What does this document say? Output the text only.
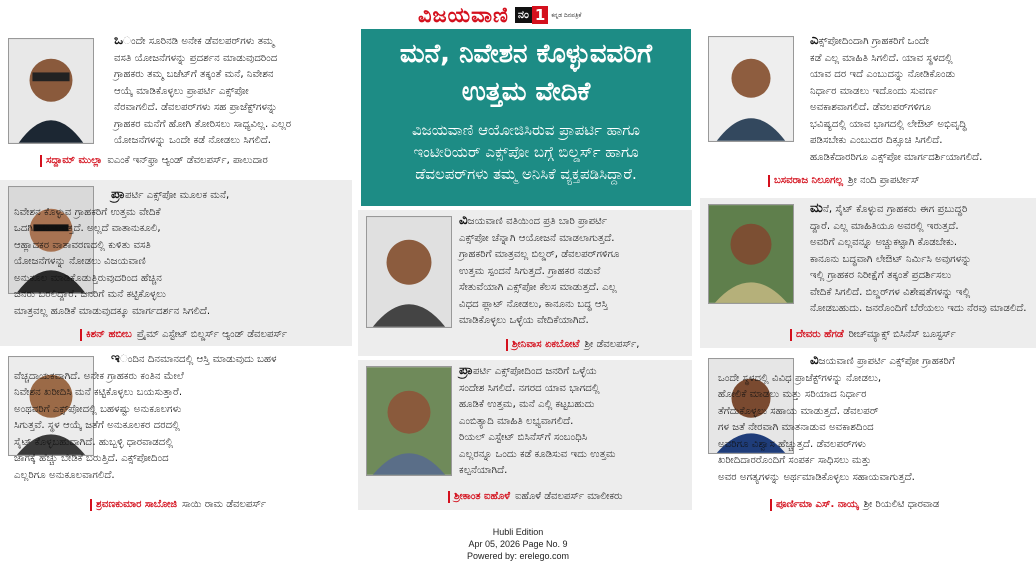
ವಿಜಯವಾಣಿ ನಂ 1	ಕನ್ನಡ ದಿನಪತ್ರಿಕೆ
ಮನೆ, ನಿವೇಶನ ಕೊಳ್ಳುವವರಿಗೆ
ಉತ್ತಮ ವೇದಿಕೆ
ವಿಜಯವಾಣಿ ಆಯೋಜಿಸಿರುವ ಪ್ರಾಪರ್ಟಿ ಹಾಗೂ
ಇಂಟೀರಿಯರ್ ಎಕ್ಸ್‌ಪೋ ಬಗ್ಗೆ ಬಿಲ್ಡರ್ಸ್ ಹಾಗೂ
ಡೆವಲಪರ್‌ಗಳು ತಮ್ಮ ಅನಿಸಿಕೆ ವ್ಯಕ್ತಪಡಿಸಿದ್ದಾರೆ.
ಒಂದೇ ಸೂರಿನಡಿ ಅನೇಕ ಡೆವಲಪರ್‌ಗಳು ತಮ್ಮ
ವಸತಿ ಯೋಜನೆಗಳನ್ನು ಪ್ರದರ್ಶನ ಮಾಡುವುದರಿಂದ
ಗ್ರಾಹಕರು ತಮ್ಮ ಬಜೆಟ್‌ಗೆ ತಕ್ಕಂತೆ ಮನೆ, ನಿವೇಶನ
ಆಯ್ಕೆ ಮಾಡಿಕೊಳ್ಳಲು ಪ್ರಾಪರ್ಟಿ ಎಕ್ಸ್‌ಪೋ
ನೆರವಾಗಲಿದೆ. ಡೆವಲಪರ್‌ಗಳು ಸಹ ಪ್ರಾಜೆಕ್ಟ್‌ಗಳನ್ನು
ಗ್ರಾಹಕರ ಮನೆಗೆ ಹೋಗಿ ತೋರಿಸಲು ಸಾಧ್ಯವಿಲ್ಲ. ಎಲ್ಲರ
ಯೋಜನೆಗಳನ್ನು ಒಂದೇ ಕಡೆ ನೋಡಲು ಸಿಗಲಿದೆ.
ಸದ್ದಾಮ್ ಮುಲ್ಲಾ ಐಎಂಕೆ ಇನ್‌ಫ್ರಾ ಆ್ಯಂಡ್ ಡೆವಲಪರ್ಸ್, ಪಾಲುದಾರ
ಪ್ರಾಪರ್ಟಿ ಎಕ್ಸ್‌ಪೋ ಮೂಲಕ ಮನೆ,
ನಿವೇಶನ ಕೊಳ್ಳುವ ಗ್ರಾಹಕರಿಗೆ ಉತ್ತಮ ವೇದಿಕೆ
ಒದಗಿಸಿದಂತಾಗುತ್ತದೆ. ಅಲ್ಲದೆ ವಾತಾನುಕೂಲಿ,
ಆಹ್ಲಾದಕರ ವಾತಾವರಣದಲ್ಲಿ ಕುಳಿತು ವಸತಿ
ಯೋಜನೆಗಳನ್ನು ನೋಡಲು ವಿಜಯವಾಣಿ
ಅನುಕೂಲ ಮಾಡಿಕೊಡುತ್ತಿರುವುದರಿಂದ ಹೆಚ್ಚಿನ
ಜನರು ಬರಲಿದ್ದಾರೆ. ಜನರಿಗೆ ಮನೆ ಕಟ್ಟಿಕೊಳ್ಳಲು
ಮಾತ್ರವಲ್ಲ ಹೂಡಿಕೆ ಮಾಡುವುದಕ್ಕೂ ಮಾರ್ಗದರ್ಶನ ಸಿಗಲಿದೆ.
ಕಿಶನ್ ಹಬೀಬ ಪ್ರೈಮ್ ಎಸ್ಟೇಟ್ ಬಿಲ್ಡರ್ಸ್ ಆ್ಯಂಡ್ ಡೆವಲಪರ್ಸ್
ಇಂದಿನ ದಿನಮಾನದಲ್ಲಿ ಆಸ್ತಿ ಮಾಡುವುದು ಬಹಳ
ವೆಚ್ಚದಾಯಕವಾಗಿದೆ. ಅನೇಕ ಗ್ರಾಹಕರು ಕಂತಿನ ಮೇಲೆ
ನಿವೇಶನ ಖರೀದಿಸಿ ಮನೆ ಕಟ್ಟಿಕೊಳ್ಳಲು ಬಯಸುತ್ತಾರೆ.
ಅಂಥವರಿಗೆ ಎಕ್ಸ್‌ಪೋದಲ್ಲಿ ಬಹಳಷ್ಟು ಅನುಕೂಲಗಳು
ಸಿಗುತ್ತವೆ. ಸ್ಥಳ ಆಯ್ಕೆ ಜತೆಗೆ ಅನುಕೂಲಕರ ದರದಲ್ಲಿ
ಸೈಟ್ ಕೊಳ್ಳಬಹುದಾಗಿದೆ. ಹುಬ್ಬಳ್ಳಿ ಧಾರವಾಡದಲ್ಲಿ
ಜಾಗಕ್ಕೆ ಹೆಚ್ಚು ಬೇಡಿಕೆ ಬರುತ್ತಿದೆ. ಎಕ್ಸ್‌ಪೋದಿಂದ
ಎಲ್ಲರಿಗೂ ಅನುಕೂಲವಾಗಲಿದೆ.
ಶ್ರವಣಕುಮಾರ ಸಾಬೋಜಿ ಸಾಯಿ ರಾಮ ಡೆವಲಪರ್ಸ್
ವಿಜಯವಾಣಿ ವತಿಯಿಂದ ಪ್ರತಿ ಬಾರಿ ಪ್ರಾಪರ್ಟಿ
ಎಕ್ಸ್‌ಪೋ ಚೆನ್ನಾಗಿ ಆಯೋಜನೆ ಮಾಡಲಾಗುತ್ತದೆ.
ಗ್ರಾಹಕರಿಗೆ ಮಾತ್ರವಲ್ಲ ಬಿಲ್ಡರ್, ಡೆವಲಪರ್‌ಗಳಿಗೂ
ಉತ್ತಮ ಸ್ಪಂದನೆ ಸಿಗುತ್ತದೆ. ಗ್ರಾಹಕರ ನಡುವೆ
ಸೇತುವೆಯಾಗಿ ಎಕ್ಸ್‌ಪೋ ಕೆಲಸ ಮಾಡುತ್ತದೆ. ಎಲ್ಲ
ವಿಧದ ಪ್ಲಾಟ್ ನೋಡಲು, ಕಾನೂನು ಬದ್ಧ ಆಸ್ತಿ
ಮಾಡಿಕೊಳ್ಳಲು ಒಳ್ಳೆಯ ವೇದಿಕೆಯಾಗಿದೆ.
ಶ್ರೀನಿವಾಸ ಏಕಬೋಟೆ ಶ್ರೀ ಡೆವಲಪರ್ಸ್,
ಪ್ರಾಪರ್ಟಿ ಎಕ್ಸ್‌ಪೋದಿಂದ ಜನರಿಗೆ ಒಳ್ಳೆಯ
ಸಂದೇಶ ಸಿಗಲಿದೆ. ನಗರದ ಯಾವ ಭಾಗದಲ್ಲಿ
ಹೂಡಿಕೆ ಉತ್ತಮ, ಮನೆ ಎಲ್ಲಿ ಕಟ್ಟಬಹುದು
ಎಂಬಿತ್ಯಾದಿ ಮಾಹಿತಿ ಲಭ್ಯವಾಗಲಿದೆ.
ರಿಯಲ್ ಎಸ್ಟೇಟ್ ಬಿಸಿನೆಸ್‌ಗೆ ಸಂಬಂಧಿಸಿ
ಎಲ್ಲರನ್ನೂ ಒಂದು ಕಡೆ ಕೂಡಿಸುವ ಇದು ಉತ್ತಮ
ಕಲ್ಪನೆಯಾಗಿದೆ.
ಶ್ರೀಕಾಂತ ಐಹೊಳೆ ಐಹೊಳೆ ಡೆವಲಪರ್ಸ್ ಮಾಲೀಕರು
ಎಕ್ಸ್‌ಪೋದಿಂದಾಗಿ ಗ್ರಾಹಕರಿಗೆ ಒಂದೇ
ಕಡೆ ಎಲ್ಲ ಮಾಹಿತಿ ಸಿಗಲಿದೆ. ಯಾವ ಸ್ಥಳದಲ್ಲಿ
ಯಾವ ದರ ಇದೆ ಎಂಬುದನ್ನು ನೋಡಿಕೊಂಡು
ನಿರ್ಧಾರ ಮಾಡಲು ಇದೊಂದು ಸುವರ್ಣ
ಅವಕಾಶವಾಗಲಿದೆ. ಡೆವಲಪರ್‌ಗಳಿಗೂ
ಭವಿಷ್ಯದಲ್ಲಿ ಯಾವ ಭಾಗದಲ್ಲಿ ಲೇಔಟ್ ಅಭಿವೃದ್ಧಿ
ಪಡಿಸಬೇಕು ಎಂಬುದರ ದಿಕ್ಸೂಚಿ ಸಿಗಲಿದೆ.
ಹೂಡಿಕೆದಾರರಿಗೂ ಎಕ್ಸ್‌ಪೋ ಮಾರ್ಗದರ್ಶಿಯಾಗಲಿದೆ.
ಬಸವರಾಜ ನಿಲೂಗಲ್ಲ ಶ್ರೀ ನಂದಿ ಪ್ರಾಪರ್ಟೀಸ್
ಮನೆ, ಸೈಟ್ ಕೊಳ್ಳುವ ಗ್ರಾಹಕರು ಈಗ ಪ್ರಬುದ್ಧರಿ
ದ್ದಾರೆ. ಎಲ್ಲ ಮಾಹಿತಿಯೂ ಅವರಲ್ಲಿ ಇರುತ್ತದೆ.
ಅವರಿಗೆ ಎಲ್ಲವನ್ನೂ ಅಚ್ಚುಕಟ್ಟಾಗಿ ಕೊಡಬೇಕು.
ಕಾನೂನು ಬದ್ಧವಾಗಿ ಲೇಔಟ್ ನಿರ್ಮಿಸಿ ಅವುಗಳನ್ನು
ಇಲ್ಲಿ ಗ್ರಾಹಕರ ನಿರೀಕ್ಷೆಗೆ ತಕ್ಕಂತೆ ಪ್ರದರ್ಶಿಸಲು
ವೇದಿಕೆ ಸಿಗಲಿದೆ. ಬಿಲ್ಡರ್‌ಗಳ ವಿಶೇಷತೆಗಳನ್ನು ಇಲ್ಲಿ
ನೋಡಬಹುದು. ಜನರೊಂದಿಗೆ ಬೆರೆಯಲು ಇದು ನೆರವು ಮಾಡಲಿದೆ.
ದೇವರು ಹೆಗಡೆ ರೀಚ್‌ಮ್ಯಾಕ್ಸ್ ಬಿಸಿನೆಸ್ ಬೂಸ್ಟರ್ಸ್
ವಿಜಯವಾಣಿ ಪ್ರಾಪರ್ಟಿ ಎಕ್ಸ್‌ಪೋ ಗ್ರಾಹಕರಿಗೆ
ಒಂದೇ ಸ್ಥಳದಲ್ಲಿ ವಿವಿಧ ಪ್ರಾಜೆಕ್ಟ್‌ಗಳನ್ನು ನೋಡಲು,
ಹೋಲಿಕೆ ಮಾಡಲು ಮತ್ತು ಸರಿಯಾದ ನಿರ್ಧಾರ
ತೆಗೆದುಕೊಳ್ಳಲು ಸಹಾಯ ಮಾಡುತ್ತದೆ. ಡೆವಲಪರ್
ಗಳ ಜತೆ ನೇರವಾಗಿ ಮಾತನಾಡುವ ಅವಕಾಶದಿಂದ
ಅವರಿಗೂ ವಿಶ್ವಾಸ ಹೆಚ್ಚುತ್ತದೆ. ಡೆವಲಪರ್‌ಗಳು
ಖರೀದಿದಾರರೊಂದಿಗೆ ಸಂಪರ್ಕ ಸಾಧಿಸಲು ಮತ್ತು
ಅವರ ಅಗತ್ಯಗಳನ್ನು ಅರ್ಥಮಾಡಿಕೊಳ್ಳಲು ಸಹಾಯವಾಗುತ್ತದೆ.
ಪೂರ್ಣಿಮಾ ಎಸ್. ನಾಯ್ಕ ಶ್ರೀ ರಿಯಲಿಟಿ ಧಾರವಾಡ
Hubli Edition
Apr 05, 2026 Page No. 9
Powered by: erelego.com
